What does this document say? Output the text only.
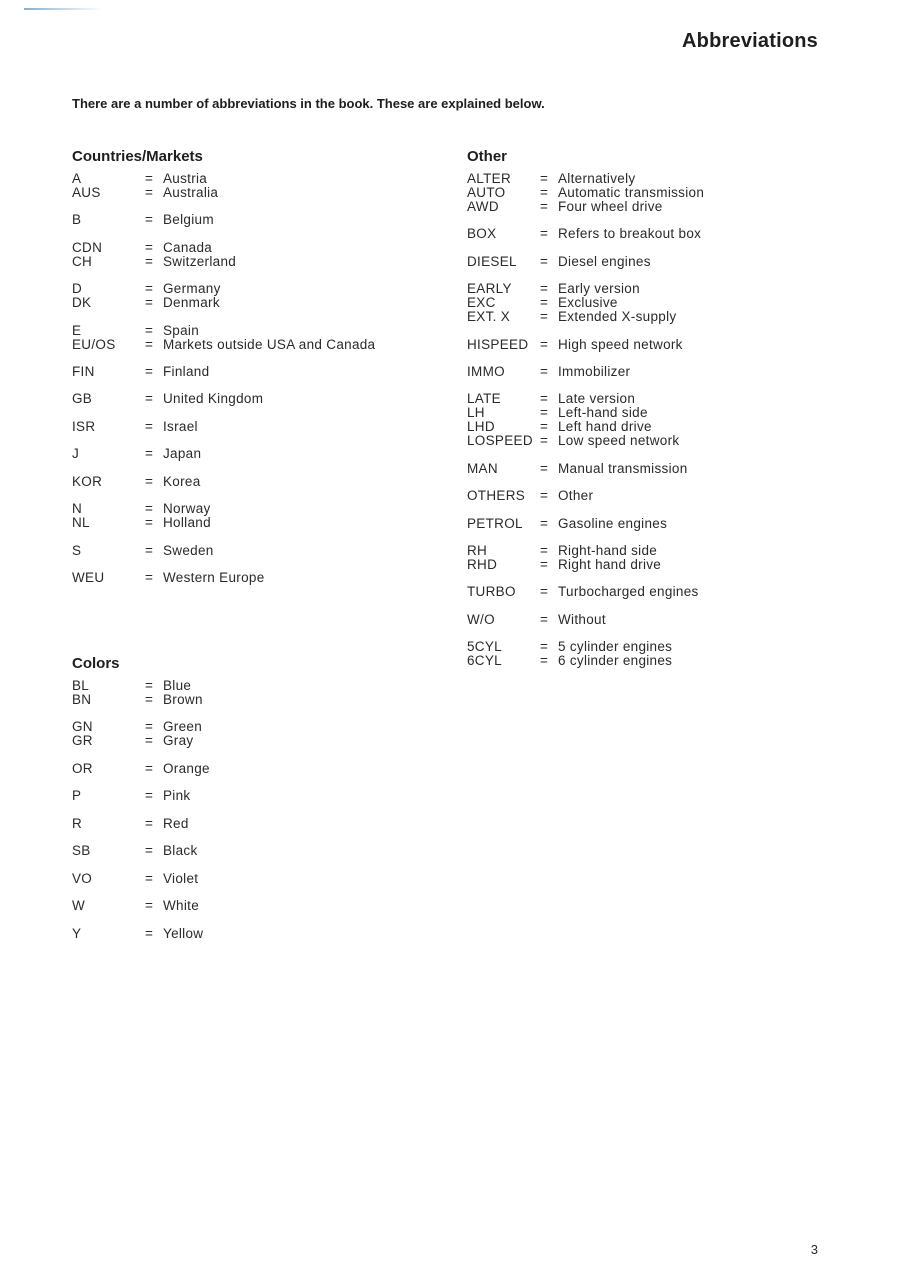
Abbreviations

There are a number of abbreviations in the book. These are explained below.

Countries/Markets
A	= Austria
AUS	= Australia
B	= Belgium
CDN	= Canada
CH	= Switzerland
D	= Germany
DK	= Denmark
E	= Spain
EU/OS = Markets outside USA and Canada
FIN	= Finland
GB	= United Kingdom
ISR	= Israel
J	= Japan
KOR	= Korea
N	= Norway
NL	= Holland
S	= Sweden
WEU	= Western Europe
Colors
BL	= Blue
BN	= Brown
GN	= Green
GR	= Gray
OR	= Orange
P	= Pink
R	= Red
SB	= Black
VO	= Violet
W	= White
Y	= Yellow
Other
ALTER = Alternatively
AUTO	= Automatic transmission
AWD	= Four wheel drive
BOX	= Refers to breakout box
DIESEL = Diesel engines
EARLY = Early version
EXC	= Exclusive
EXT. X = Extended X-supply
HISPEED = High speed network
IMMO	= Immobilizer
LATE	= Late version
LH	= Left-hand side
LHD	= Left hand drive
LOSPEED = Low speed network
MAN	= Manual transmission
OTHERS = Other
PETROL = Gasoline engines
RH	= Right-hand side
RHD	= Right hand drive
TURBO = Turbocharged engines
W/O	= Without
5CYL	= 5 cylinder engines
6CYL	= 6 cylinder engines
3
